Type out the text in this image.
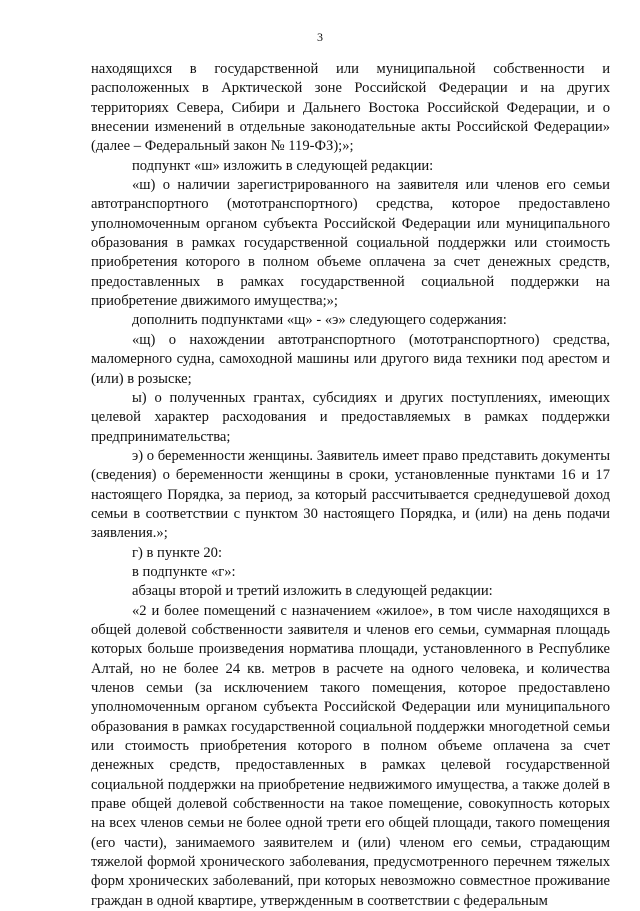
3

находящихся в государственной или муниципальной собственности и расположенных в Арктической зоне Российской Федерации и на других территориях Севера, Сибири и Дальнего Востока Российской Федерации, и о внесении изменений в отдельные законодательные акты Российской Федерации» (далее – Федеральный закон № 119-ФЗ);»;

подпункт «ш» изложить в следующей редакции:

«ш) о наличии зарегистрированного на заявителя или членов его семьи автотранспортного (мототранспортного) средства, которое предоставлено уполномоченным органом субъекта Российской Федерации или муниципального образования в рамках государственной социальной поддержки или стоимость приобретения которого в полном объеме оплачена за счет денежных средств, предоставленных в рамках государственной социальной поддержки на приобретение движимого имущества;»;

дополнить подпунктами «щ» - «э» следующего содержания:

«щ) о нахождении автотранспортного (мототранспортного) средства, маломерного судна, самоходной машины или другого вида техники под арестом и (или) в розыске;

ы) о полученных грантах, субсидиях и других поступлениях, имеющих целевой характер расходования и предоставляемых в рамках поддержки предпринимательства;

э) о беременности женщины. Заявитель имеет право представить документы (сведения) о беременности женщины в сроки, установленные пунктами 16 и 17 настоящего Порядка, за период, за который рассчитывается среднедушевой доход семьи в соответствии с пунктом 30 настоящего Порядка, и (или) на день подачи заявления.»;

г) в пункте 20:

в подпункте «г»:

абзацы второй и третий изложить в следующей редакции:

«2 и более помещений с назначением «жилое», в том числе находящихся в общей долевой собственности заявителя и членов его семьи, суммарная площадь которых больше произведения норматива площади, установленного в Республике Алтай, но не более 24 кв. метров в расчете на одного человека, и количества членов семьи (за исключением такого помещения, которое предоставлено уполномоченным органом субъекта Российской Федерации или муниципального образования в рамках государственной социальной поддержки многодетной семьи или стоимость приобретения которого в полном объеме оплачена за счет денежных средств, предоставленных в рамках целевой государственной социальной поддержки на приобретение недвижимого имущества, а также долей в праве общей долевой собственности на такое помещение, совокупность которых на всех членов семьи не более одной трети его общей площади, такого помещения (его части), занимаемого заявителем и (или) членом его семьи, страдающим тяжелой формой хронического заболевания, предусмотренного перечнем тяжелых форм хронических заболеваний, при которых невозможно совместное проживание граждан в одной квартире, утвержденным в соответствии с федеральным
